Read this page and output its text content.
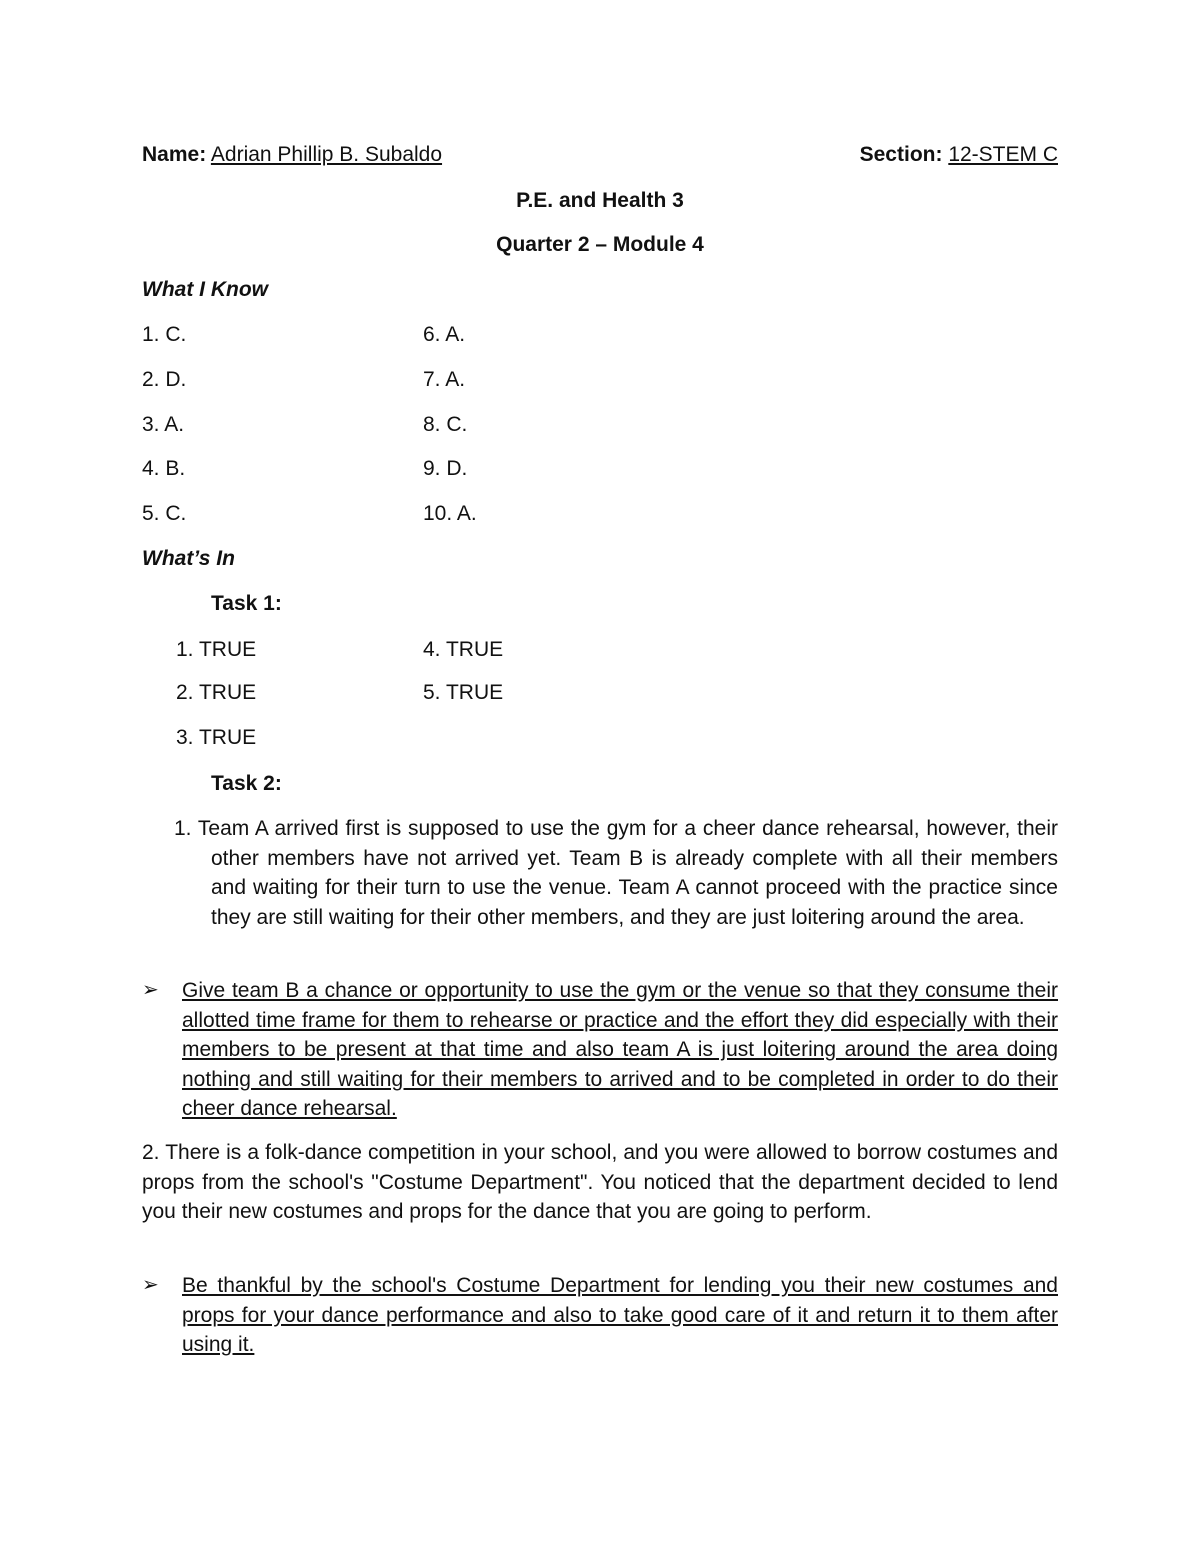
Name: Adrian Phillip B. Subaldo	Section: 12-STEM C
P.E. and Health 3
Quarter 2 – Module 4
What I Know
1. C.
2. D.
3. A.
4. B.
5. C.
6. A.
7. A.
8. C.
9. D.
10. A.
What’s In
Task 1:
1. TRUE
2. TRUE
3. TRUE
4. TRUE
5. TRUE
Task 2:
1. Team A arrived first is supposed to use the gym for a cheer dance rehearsal, however, their other members have not arrived yet. Team B is already complete with all their members and waiting for their turn to use the venue. Team A cannot proceed with the practice since they are still waiting for their other members, and they are just loitering around the area.
➢ Give team B a chance or opportunity to use the gym or the venue so that they consume their allotted time frame for them to rehearse or practice and the effort they did especially with their members to be present at that time and also team A is just loitering around the area doing nothing and still waiting for their members to arrived and to be completed in order to do their cheer dance rehearsal.
2. There is a folk-dance competition in your school, and you were allowed to borrow costumes and props from the school's "Costume Department". You noticed that the department decided to lend you their new costumes and props for the dance that you are going to perform.
➢ Be thankful by the school's Costume Department for lending you their new costumes and props for your dance performance and also to take good care of it and return it to them after using it.
